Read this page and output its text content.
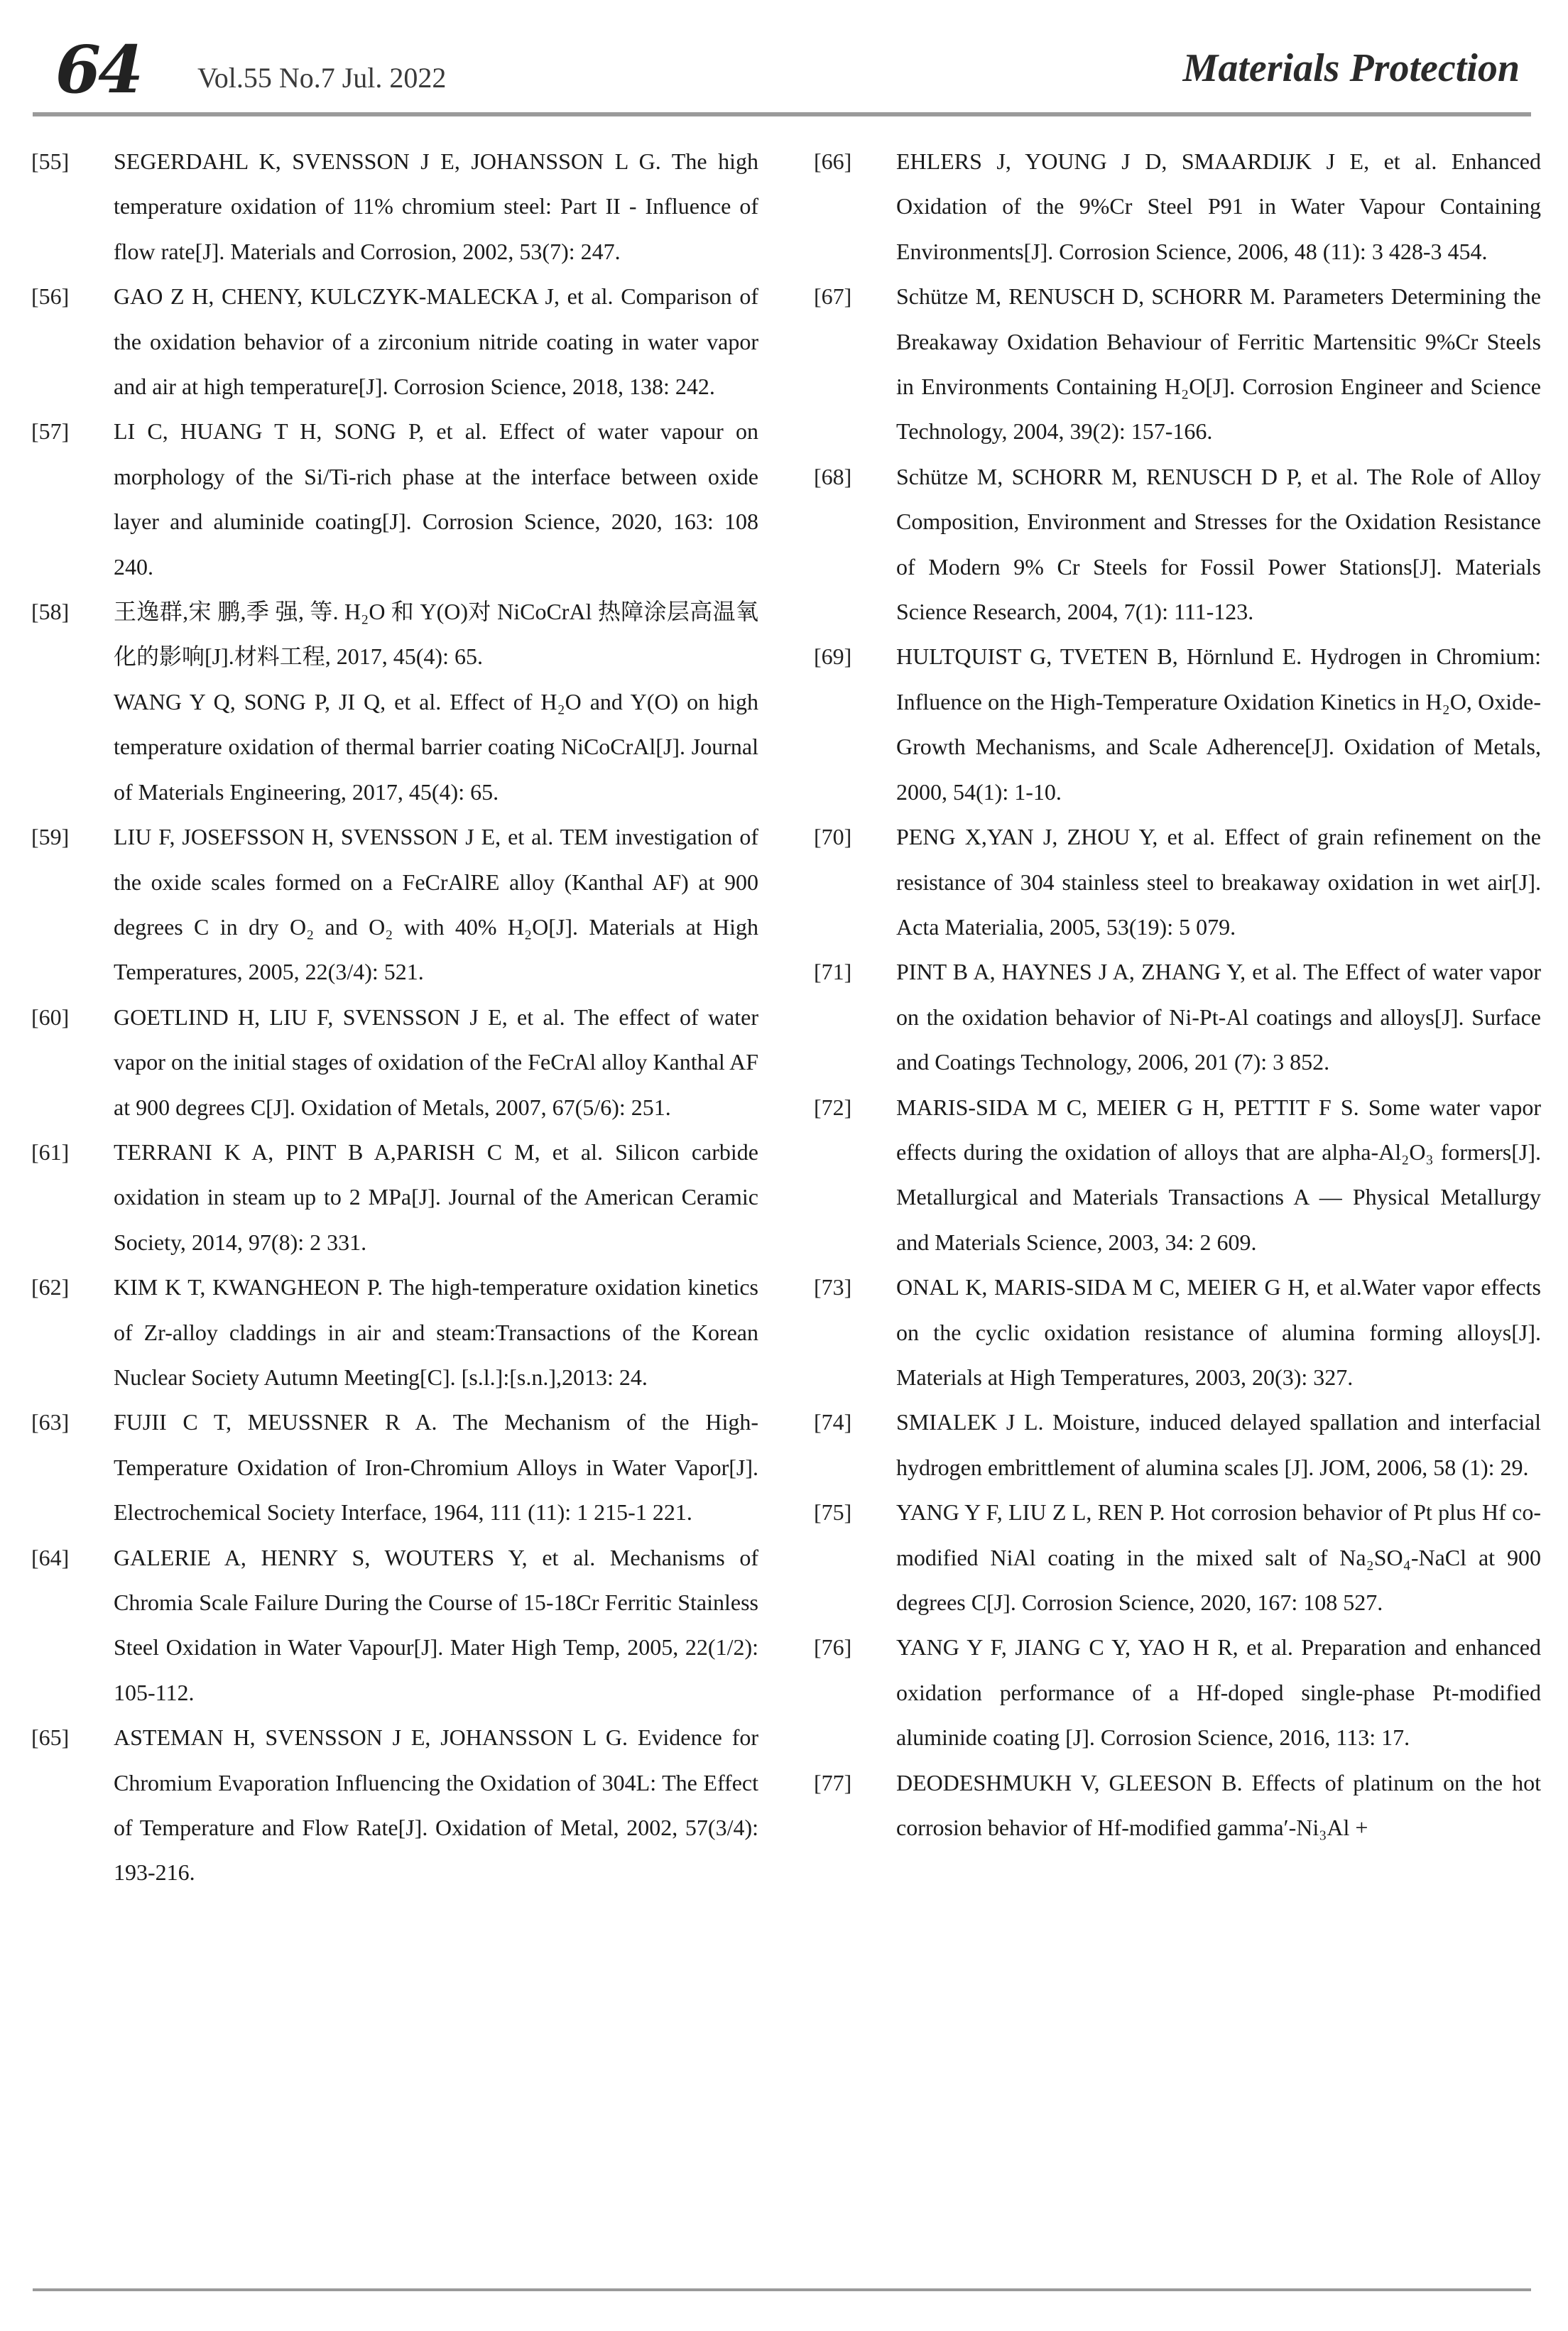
64 Vol.55 No.7 Jul. 2022	Materials Protection
[55] SEGERDAHL K, SVENSSON J E, JOHANSSON L G. The high temperature oxidation of 11% chromium steel: Part II - Influence of flow rate[J]. Materials and Corrosion, 2002, 53(7): 247.

[56] GAO Z H, CHENY, KULCZYK-MALECKA J, et al. Comparison of the oxidation behavior of a zirconium nitride coating in water vapor and air at high temperature[J]. Corrosion Science, 2018, 138: 242.

[57] LI C, HUANG T H, SONG P, et al. Effect of water vapour on morphology of the Si/Ti-rich phase at the interface between oxide layer and aluminide coating[J]. Corrosion Science, 2020, 163: 108 240.

[58] 王逸群,宋 鹏,季 强, 等. H₂O 和 Y(O)对 NiCoCrAl 热障涂层高温氧化的影响[J].材料工程, 2017, 45(4): 65.

WANG Y Q, SONG P, JI Q, et al. Effect of H₂O and Y(O) on high temperature oxidation of thermal barrier coating NiCoCrAl[J]. Journal of Materials Engineering, 2017, 45(4): 65.

[59] LIU F, JOSEFSSON H, SVENSSON J E, et al. TEM investigation of the oxide scales formed on a FeCrAlRE alloy (Kanthal AF) at 900 degrees C in dry O₂ and O₂ with 40% H₂O[J]. Materials at High Temperatures, 2005, 22(3/4): 521.

[60] GOETLIND H, LIU F, SVENSSON J E, et al. The effect of water vapor on the initial stages of oxidation of the FeCrAl alloy Kanthal AF at 900 degrees C[J]. Oxidation of Metals, 2007, 67(5/6): 251.

[61] TERRANI K A, PINT B A,PARISH C M, et al. Silicon carbide oxidation in steam up to 2 MPa[J]. Journal of the American Ceramic Society, 2014, 97(8): 2 331.

[62] KIM K T, KWANGHEON P. The high-temperature oxidation kinetics of Zr-alloy claddings in air and steam:Transactions of the Korean Nuclear Society Autumn Meeting[C]. [s.l.]:[s.n.],2013: 24.

[63] FUJII C T, MEUSSNER R A. The Mechanism of the High-Temperature Oxidation of Iron-Chromium Alloys in Water Vapor[J]. Electrochemical Society Interface, 1964, 111 (11): 1 215-1 221.

[64] GALERIE A, HENRY S, WOUTERS Y, et al. Mechanisms of Chromia Scale Failure During the Course of 15-18Cr Ferritic Stainless Steel Oxidation in Water Vapour[J]. Mater High Temp, 2005, 22(1/2): 105-112.

[65] ASTEMAN H, SVENSSON J E, JOHANSSON L G. Evidence for Chromium Evaporation Influencing the Oxidation of 304L: The Effect of Temperature and Flow Rate[J]. Oxidation of Metal, 2002, 57(3/4): 193-216.

[66] EHLERS J, YOUNG J D, SMAARDIJK J E, et al. Enhanced Oxidation of the 9%Cr Steel P91 in Water Vapour Containing Environments[J]. Corrosion Science, 2006, 48 (11): 3 428-3 454.

[67] Schütze M, RENUSCH D, SCHORR M. Parameters Determining the Breakaway Oxidation Behaviour of Ferritic Martensitic 9%Cr Steels in Environments Containing H₂O[J]. Corrosion Engineer and Science Technology, 2004, 39(2): 157-166.

[68] Schütze M, SCHORR M, RENUSCH D P, et al. The Role of Alloy Composition, Environment and Stresses for the Oxidation Resistance of Modern 9% Cr Steels for Fossil Power Stations[J]. Materials Science Research, 2004, 7(1): 111-123.

[69] HULTQUIST G, TVETEN B, Hörnlund E. Hydrogen in Chromium: Influence on the High-Temperature Oxidation Kinetics in H₂O, Oxide-Growth Mechanisms, and Scale Adherence[J]. Oxidation of Metals, 2000, 54(1): 1-10.

[70] PENG X,YAN J, ZHOU Y, et al. Effect of grain refinement on the resistance of 304 stainless steel to breakaway oxidation in wet air[J]. Acta Materialia, 2005, 53(19): 5 079.

[71] PINT B A, HAYNES J A, ZHANG Y, et al. The Effect of water vapor on the oxidation behavior of Ni-Pt-Al coatings and alloys[J]. Surface and Coatings Technology, 2006, 201 (7): 3 852.

[72] MARIS-SIDA M C, MEIER G H, PETTIT F S. Some water vapor effects during the oxidation of alloys that are alpha-Al₂O₃ formers[J]. Metallurgical and Materials Transactions A — Physical Metallurgy and Materials Science, 2003, 34: 2 609.

[73] ONAL K, MARIS-SIDA M C, MEIER G H, et al.Water vapor effects on the cyclic oxidation resistance of alumina forming alloys[J]. Materials at High Temperatures, 2003, 20(3): 327.

[74] SMIALEK J L. Moisture, induced delayed spallation and interfacial hydrogen embrittlement of alumina scales [J]. JOM, 2006, 58 (1): 29.

[75] YANG Y F, LIU Z L, REN P. Hot corrosion behavior of Pt plus Hf co-modified NiAl coating in the mixed salt of Na₂SO₄-NaCl at 900 degrees C[J]. Corrosion Science, 2020, 167: 108 527.

[76] YANG Y F, JIANG C Y, YAO H R, et al. Preparation and enhanced oxidation performance of a Hf-doped single-phase Pt-modified aluminide coating [J]. Corrosion Science, 2016, 113: 17.

[77] DEODESHMUKH V, GLEESON B. Effects of platinum on the hot corrosion behavior of Hf-modified gamma′-Ni₃Al +
